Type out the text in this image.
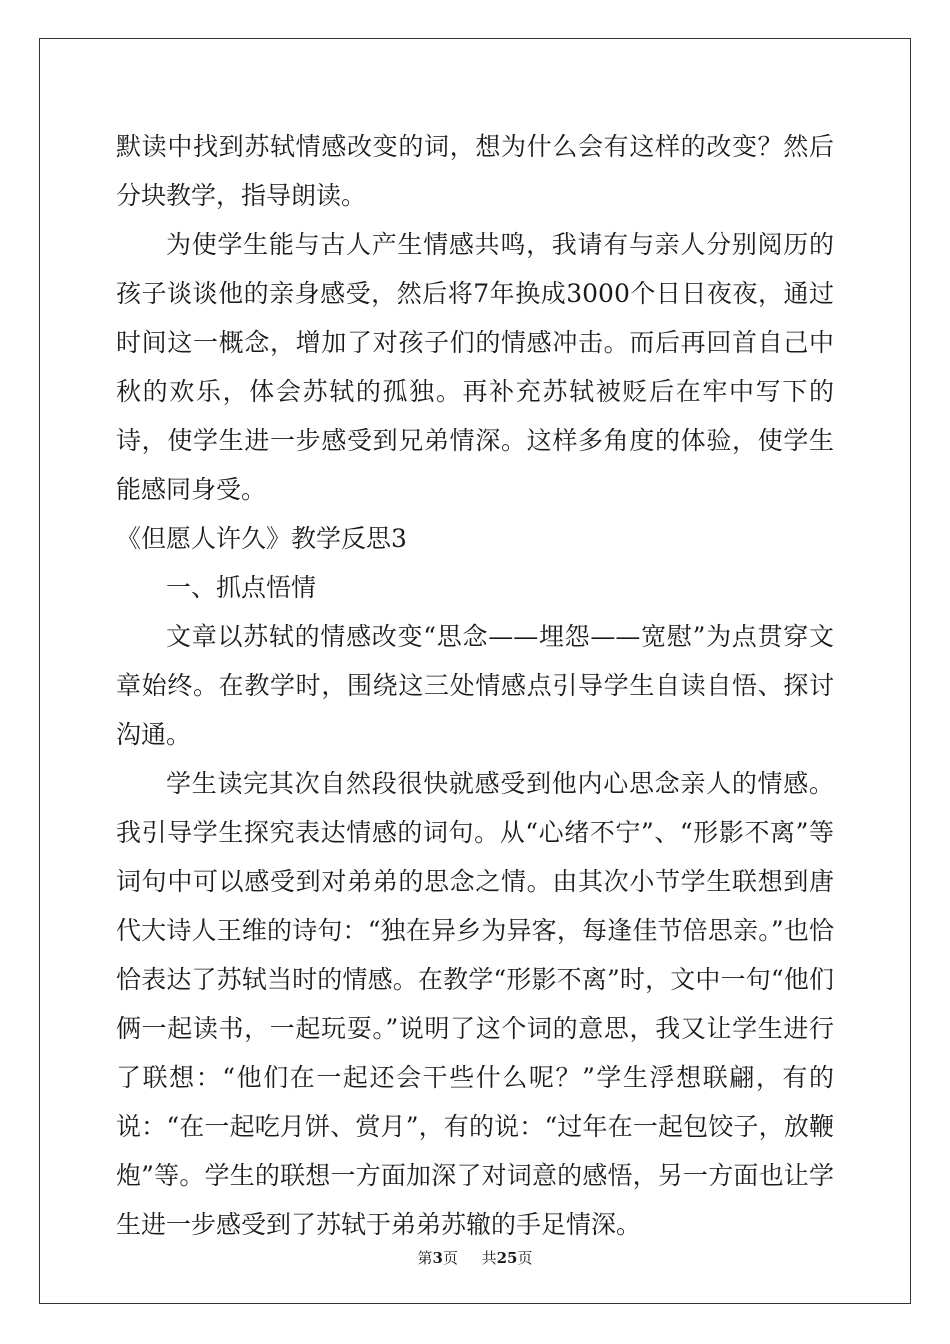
默读中找到苏轼情感改变的词，想为什么会有这样的改变？然后分块教学，指导朗读。

为使学生能与古人产生情感共鸣，我请有与亲人分别阅历的孩子谈谈他的亲身感受，然后将7年换成3000个日日夜夜，通过时间这一概念，增加了对孩子们的情感冲击。而后再回首自己中秋的欢乐，体会苏轼的孤独。再补充苏轼被贬后在牢中写下的诗，使学生进一步感受到兄弟情深。这样多角度的体验，使学生能感同身受。

《但愿人许久》教学反思3

一、抓点悟情

文章以苏轼的情感改变“思念——埋怨——宽慰”为点贯穿文章始终。在教学时，围绕这三处情感点引导学生自读自悟、探讨沟通。

学生读完其次自然段很快就感受到他内心思念亲人的情感。我引导学生探究表达情感的词句。从“心绪不宁”、“形影不离”等词句中可以感受到对弟弟的思念之情。由其次小节学生联想到唐代大诗人王维的诗句：“独在异乡为异客，每逢佳节倍思亲。”也恰恰表达了苏轼当时的情感。在教学“形影不离”时，文中一句“他们俩一起读书，一起玩耍。”说明了这个词的意思，我又让学生进行了联想：“他们在一起还会干些什么呢？”学生浮想联翩，有的说：“在一起吃月饼、赏月”，有的说：“过年在一起包饺子，放鞭炮”等。学生的联想一方面加深了对词意的感悟，另一方面也让学生进一步感受到了苏轼于弟弟苏辙的手足情深。

第3页 共25页
